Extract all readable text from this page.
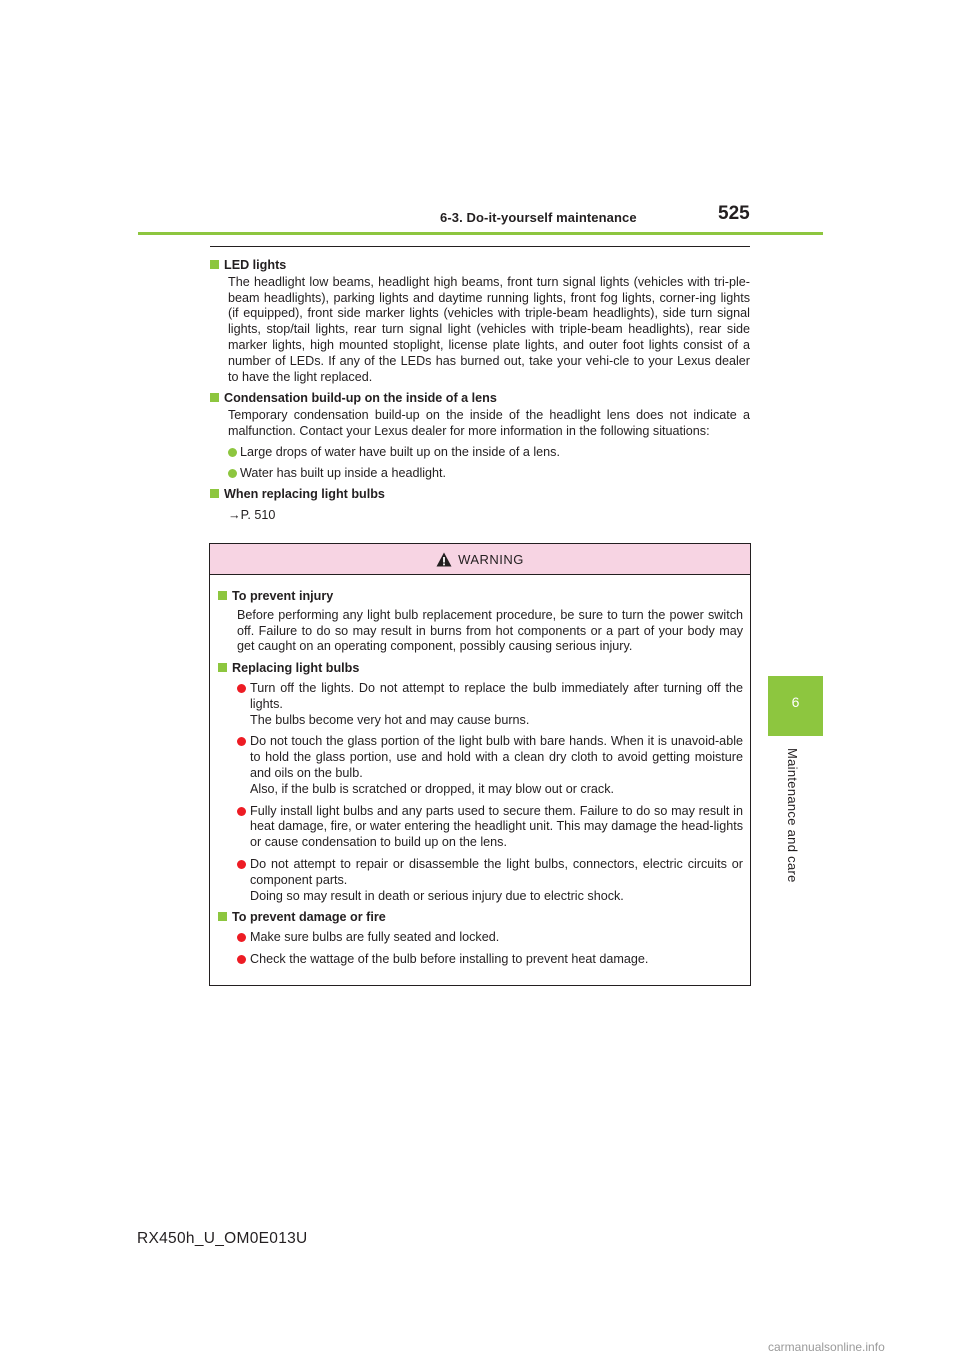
6-3. Do-it-yourself maintenance	525
6
Maintenance and care
LED lights
The headlight low beams, headlight high beams, front turn signal lights (vehicles with tri-ple-beam headlights), parking lights and daytime running lights, front fog lights, corner-ing lights (if equipped), front side marker lights (vehicles with triple-beam headlights), side turn signal lights, stop/tail lights, rear turn signal light (vehicles with triple-beam headlights), rear side marker lights, high mounted stoplight, license plate lights, and outer foot lights consist of a number of LEDs. If any of the LEDs has burned out, take your vehi-cle to your Lexus dealer to have the light replaced.
Condensation build-up on the inside of a lens
Temporary condensation build-up on the inside of the headlight lens does not indicate a malfunction. Contact your Lexus dealer for more information in the following situations:
Large drops of water have built up on the inside of a lens.
Water has built up inside a headlight.
When replacing light bulbs
→P. 510
WARNING
To prevent injury
Before performing any light bulb replacement procedure, be sure to turn the power switch off. Failure to do so may result in burns from hot components or a part of your body may get caught on an operating component, possibly causing serious injury.
Replacing light bulbs
Turn off the lights. Do not attempt to replace the bulb immediately after turning off the lights.
The bulbs become very hot and may cause burns.
Do not touch the glass portion of the light bulb with bare hands. When it is unavoid-able to hold the glass portion, use and hold with a clean dry cloth to avoid getting moisture and oils on the bulb.
Also, if the bulb is scratched or dropped, it may blow out or crack.
Fully install light bulbs and any parts used to secure them. Failure to do so may result in heat damage, fire, or water entering the headlight unit. This may damage the head-lights or cause condensation to build up on the lens.
Do not attempt to repair or disassemble the light bulbs, connectors, electric circuits or component parts.
Doing so may result in death or serious injury due to electric shock.
To prevent damage or fire
Make sure bulbs are fully seated and locked.
Check the wattage of the bulb before installing to prevent heat damage.
RX450h_U_OM0E013U
carmanualsonline.info
